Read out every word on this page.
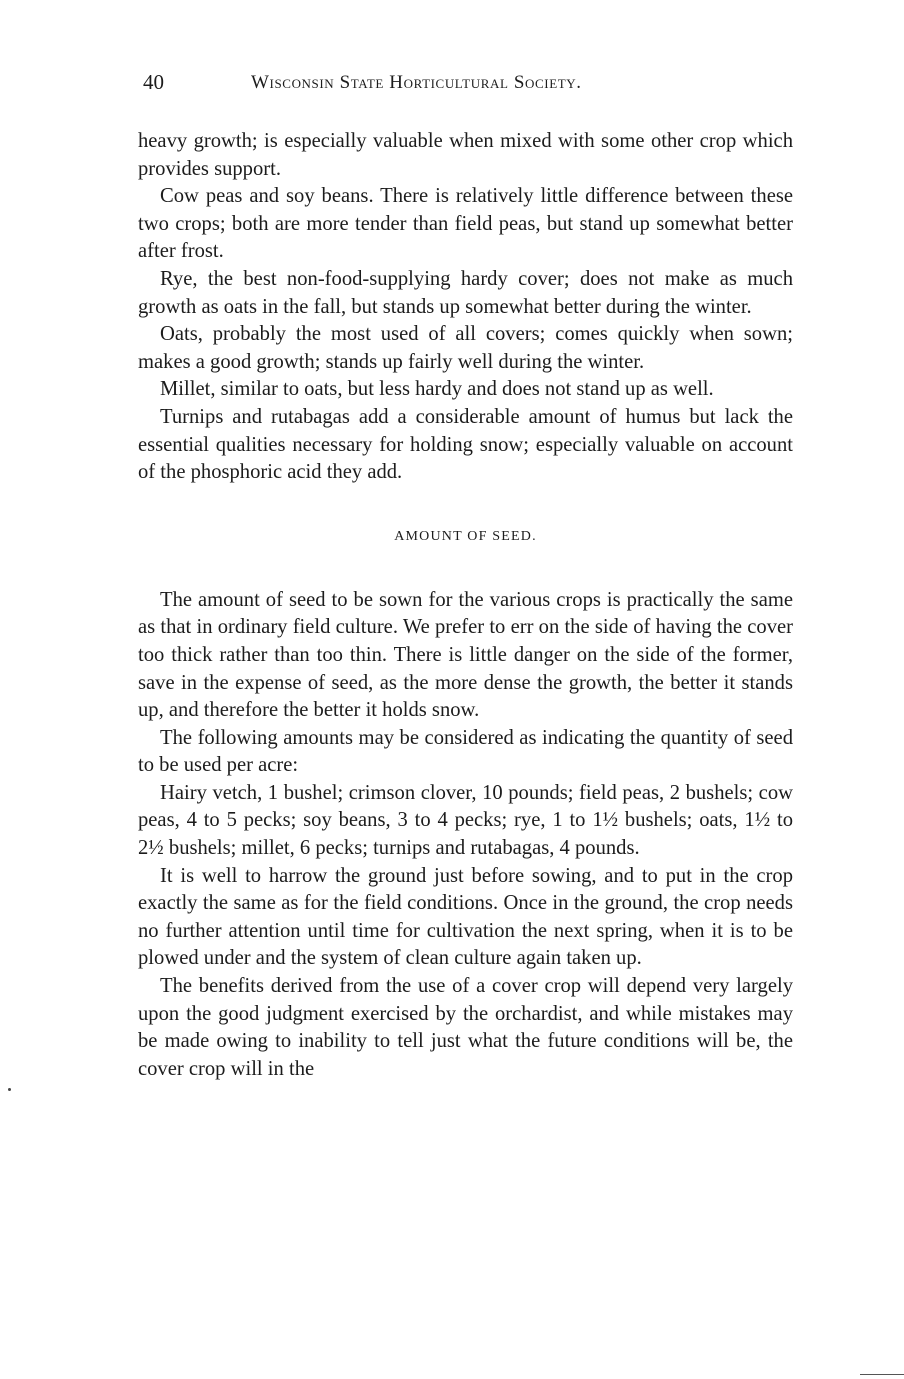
40	Wisconsin State Horticultural Society.

heavy growth; is especially valuable when mixed with some other crop which provides support.

Cow peas and soy beans. There is relatively little difference between these two crops; both are more tender than field peas, but stand up somewhat better after frost.

Rye, the best non-food-supplying hardy cover; does not make as much growth as oats in the fall, but stands up somewhat better during the winter.

Oats, probably the most used of all covers; comes quickly when sown; makes a good growth; stands up fairly well during the winter.

Millet, similar to oats, but less hardy and does not stand up as well.

Turnips and rutabagas add a considerable amount of humus but lack the essential qualities necessary for holding snow; especially valuable on account of the phosphoric acid they add.

AMOUNT OF SEED.

The amount of seed to be sown for the various crops is practically the same as that in ordinary field culture. We prefer to err on the side of having the cover too thick rather than too thin. There is little danger on the side of the former, save in the expense of seed, as the more dense the growth, the better it stands up, and therefore the better it holds snow.

The following amounts may be considered as indicating the quantity of seed to be used per acre:

Hairy vetch, 1 bushel; crimson clover, 10 pounds; field peas, 2 bushels; cow peas, 4 to 5 pecks; soy beans, 3 to 4 pecks; rye, 1 to 1½ bushels; oats, 1½ to 2½ bushels; millet, 6 pecks; turnips and rutabagas, 4 pounds.

It is well to harrow the ground just before sowing, and to put in the crop exactly the same as for the field conditions. Once in the ground, the crop needs no further attention until time for cultivation the next spring, when it is to be plowed under and the system of clean culture again taken up.

The benefits derived from the use of a cover crop will depend very largely upon the good judgment exercised by the orchardist, and while mistakes may be made owing to inability to tell just what the future conditions will be, the cover crop will in the
